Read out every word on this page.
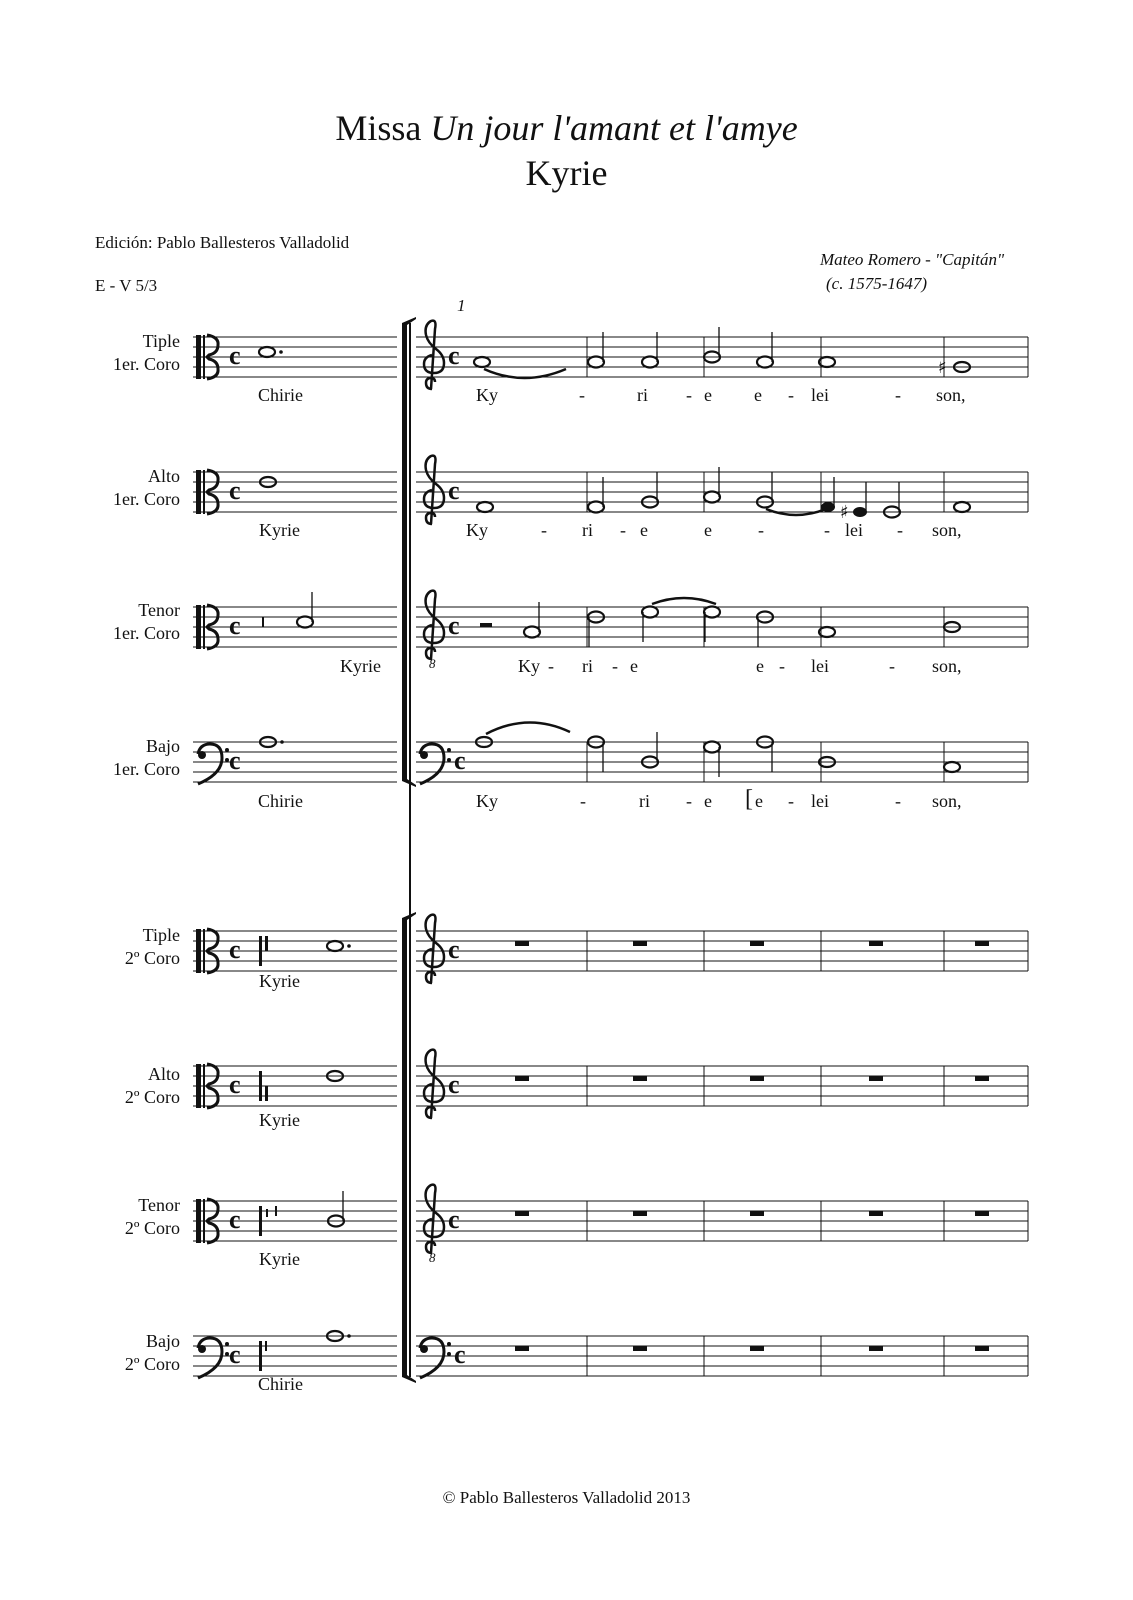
Missa Un jour l'amant et l'amye
Kyrie
Edición: Pablo Ballesteros Valladolid
E - V 5/3
Mateo Romero - "Capitán"
(c. 1575-1647)
1
Tiple
1er. Coro
Alto
1er. Coro
Tenor
1er. Coro
Bajo
1er. Coro
Tiple
2º Coro
Alto
2º Coro
Tenor
2º Coro
Bajo
2º Coro
Chirie
Kyrie
Kyrie
Chirie
Kyrie
Kyrie
Kyrie
Chirie
Ky	-	ri - e e - lei	- son,
Ky	- ri - e	e	-	- lei - son,
Ky - ri - e	e - lei	- son,
Ky	-	ri - e [ e - lei	- son,
© Pablo Ballesteros Valladolid 2013
c
♯
♯
8
8
